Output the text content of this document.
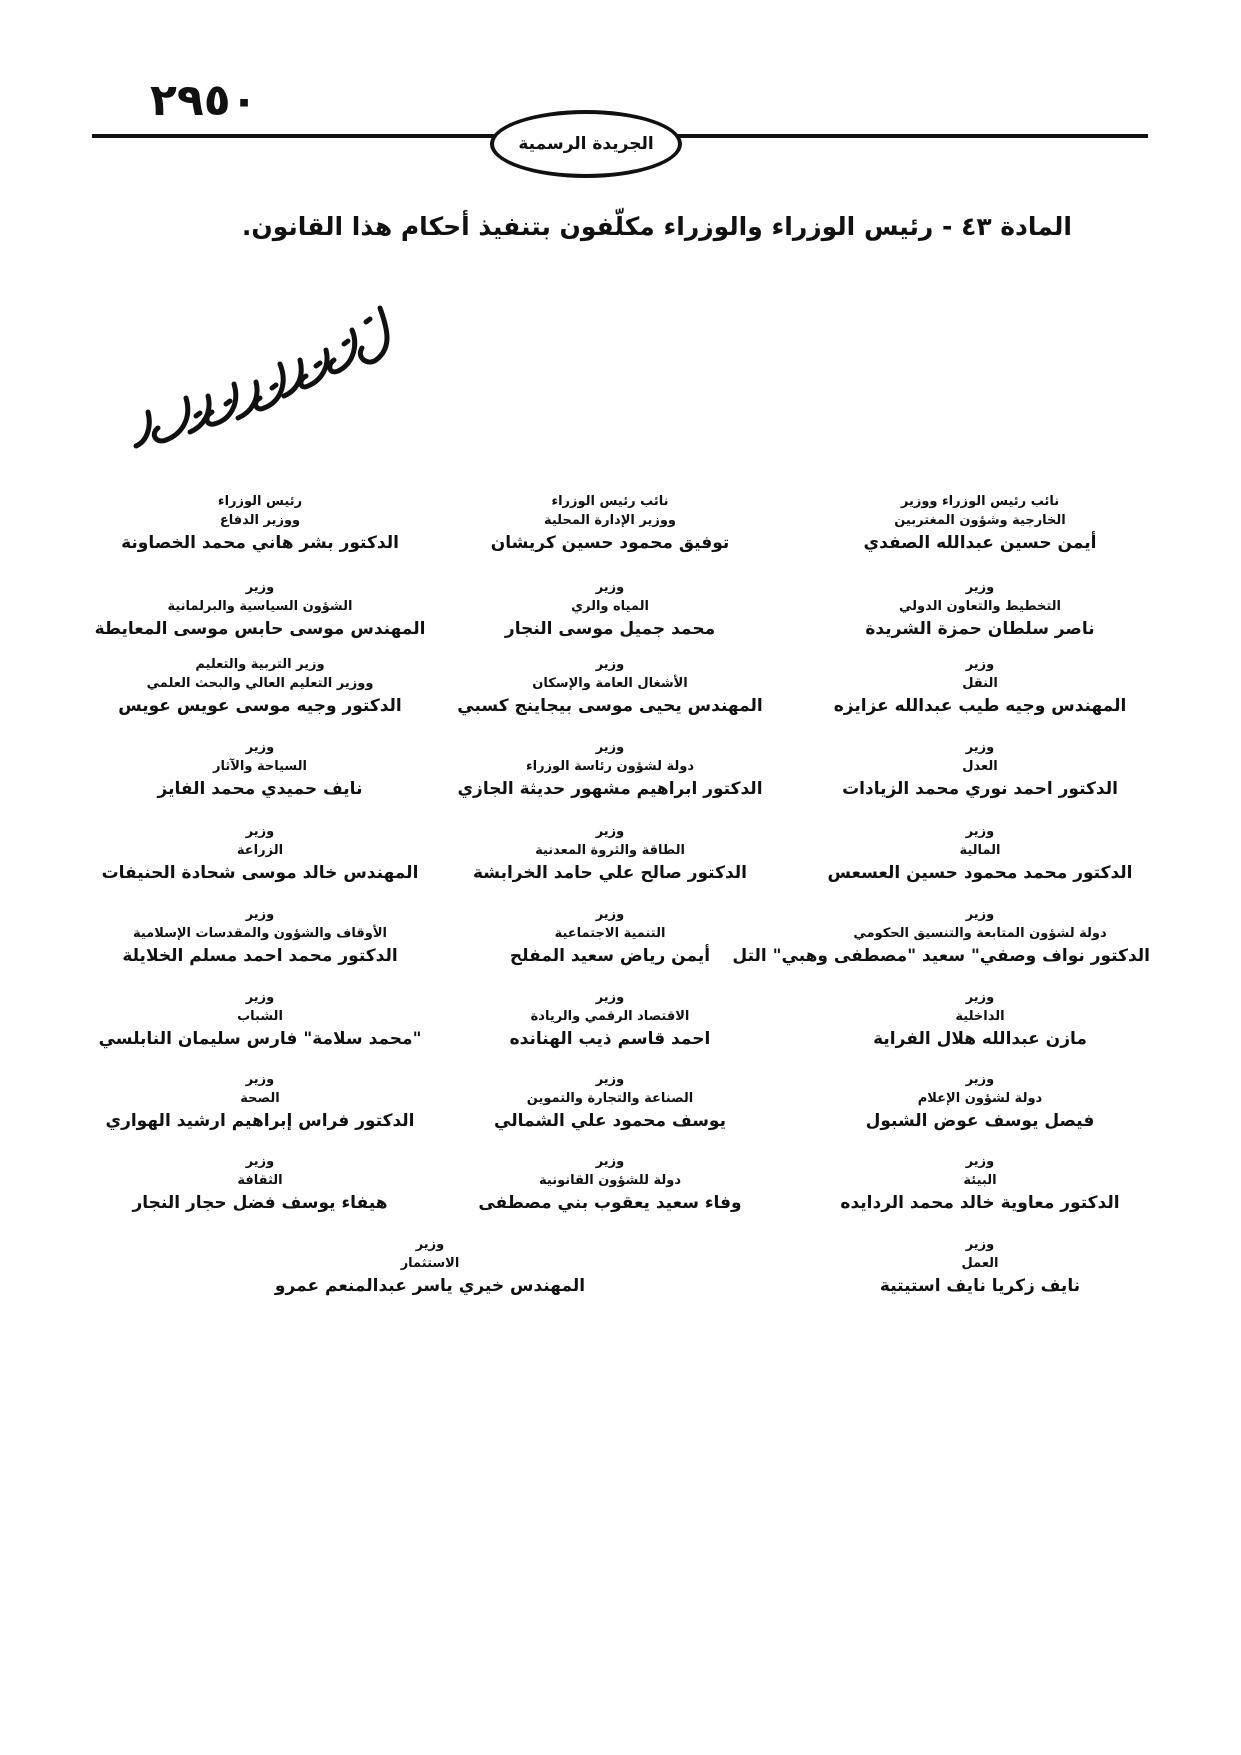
٢٩٥٠
الجريدة الرسمية
المادة ٤٣ - رئيس الوزراء والوزراء مكلّفون بتنفيذ أحكام هذا القانون.
نائب رئيس الوزراء ووزير
الخارجية وشؤون المغتربين
أيمن حسين عبدالله الصفدي
نائب رئيس الوزراء
ووزير الإدارة المحلية
توفيق محمود حسين كريشان
رئيس الوزراء
ووزير الدفاع
الدكتور بشر هاني محمد الخصاونة
وزير
التخطيط والتعاون الدولي
ناصر سلطان حمزة الشريدة
وزير
المياه والري
محمد جميل موسى النجار
وزير
الشؤون السياسية والبرلمانية
المهندس موسى حابس موسى المعايطة
وزير
النقل
المهندس وجيه طيب عبدالله عزايزه
وزير
الأشغال العامة والإسكان
المهندس يحيى موسى بيجاينج كسبي
وزير التربية والتعليم
ووزير التعليم العالي والبحث العلمي
الدكتور وجيه موسى عويس عويس
وزير
العدل
الدكتور احمد نوري محمد الزيادات
وزير
دولة لشؤون رئاسة الوزراء
الدكتور ابراهيم مشهور حديثة الجازي
وزير
السياحة والآثار
نايف حميدي محمد الفايز
وزير
المالية
الدكتور محمد محمود حسين العسعس
وزير
الطاقة والثروة المعدنية
الدكتور صالح علي حامد الخرابشة
وزير
الزراعة
المهندس خالد موسى شحادة الحنيفات
وزير
دولة لشؤون المتابعة والتنسيق الحكومي
الدكتور نواف وصفي" سعيد "مصطفى وهبي" التل
وزير
التنمية الاجتماعية
أيمن رياض سعيد المفلح
وزير
الأوقاف والشؤون والمقدسات الإسلامية
الدكتور محمد احمد مسلم الخلايلة
وزير
الداخلية
مازن عبدالله هلال الفراية
وزير
الاقتصاد الرقمي والريادة
احمد قاسم ذيب الهنانده
وزير
الشباب
"محمد سلامة" فارس سليمان النابلسي
وزير
دولة لشؤون الإعلام
فيصل يوسف عوض الشبول
وزير
الصناعة والتجارة والتموين
يوسف محمود علي الشمالي
وزير
الصحة
الدكتور فراس إبراهيم ارشيد الهواري
وزير
البيئة
الدكتور معاوية خالد محمد الردايده
وزير
دولة للشؤون القانونية
وفاء سعيد يعقوب بني مصطفى
وزير
الثقافة
هيفاء يوسف فضل حجار النجار
وزير
العمل
نايف زكريا نايف استيتية
وزير
الاستثمار
المهندس خيري ياسر عبدالمنعم عمرو
